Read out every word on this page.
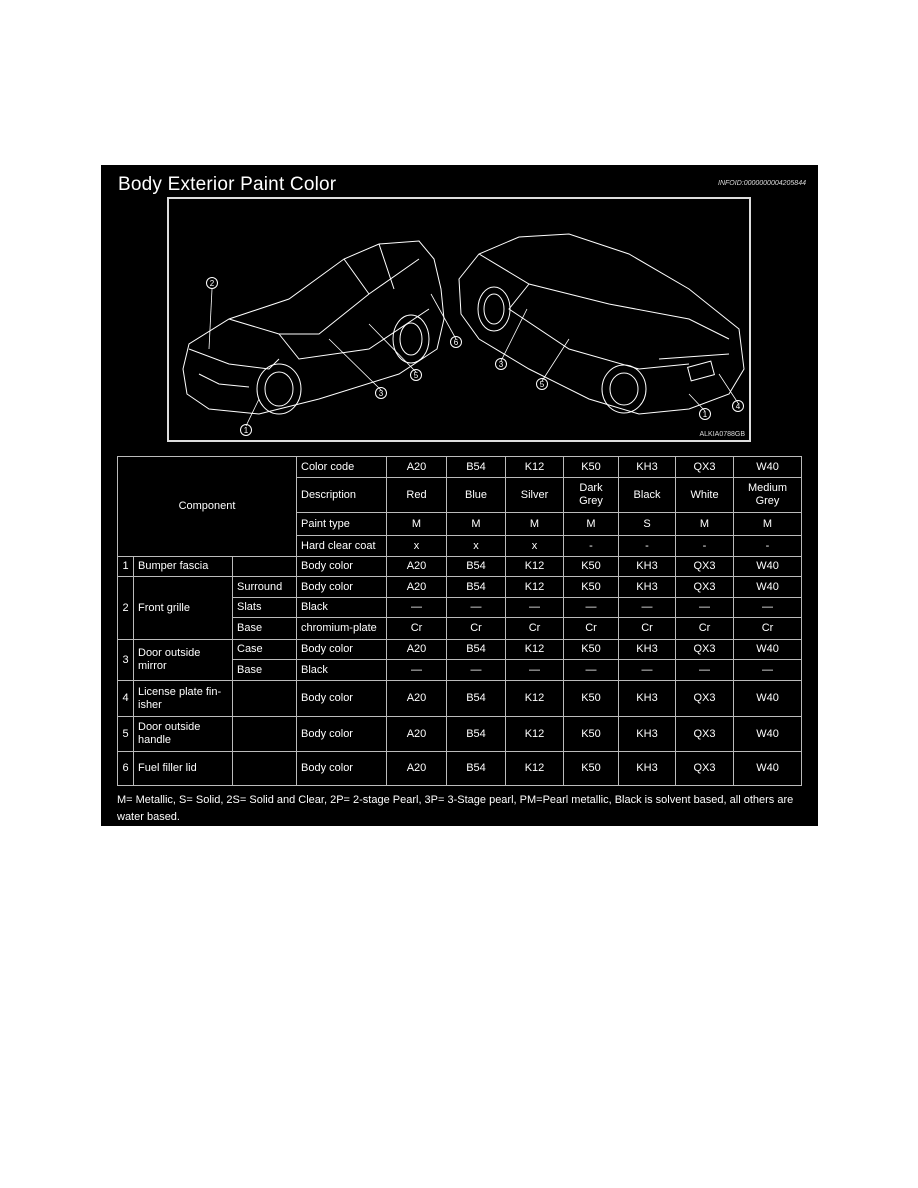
Body Exterior Paint Color	INFOID:0000000004205844
2
1
3
5
6
3
5
1
4
ALKIA0788GB
Component			Color code	A20	B54	K12	K50	KH3	QX3	W40
			Description	Red	Blue	Silver	Dark Grey	Black	White	Medium Grey
			Paint type	M	M	M	M	S	M	M
			Hard clear coat	x	x	x	-	-	-	-
1	Bumper fascia		Body color	A20	B54	K12	K50	KH3	QX3	W40
2	Front grille	Surround	Body color	A20	B54	K12	K50	KH3	QX3	W40
		Slats	Black	—	—	—	—	—	—	—
		Base	chromium-plate	Cr	Cr	Cr	Cr	Cr	Cr	Cr
3	Door outside mirror	Case	Body color	A20	B54	K12	K50	KH3	QX3	W40
		Base	Black	—	—	—	—	—	—	—
4	License plate fin-isher		Body color	A20	B54	K12	K50	KH3	QX3	W40
5	Door outside handle		Body color	A20	B54	K12	K50	KH3	QX3	W40
6	Fuel filler lid		Body color	A20	B54	K12	K50	KH3	QX3	W40
M= Metallic, S= Solid, 2S= Solid and Clear, 2P= 2-stage Pearl, 3P= 3-Stage pearl, PM=Pearl metallic, Black is solvent based, all others are water based.
